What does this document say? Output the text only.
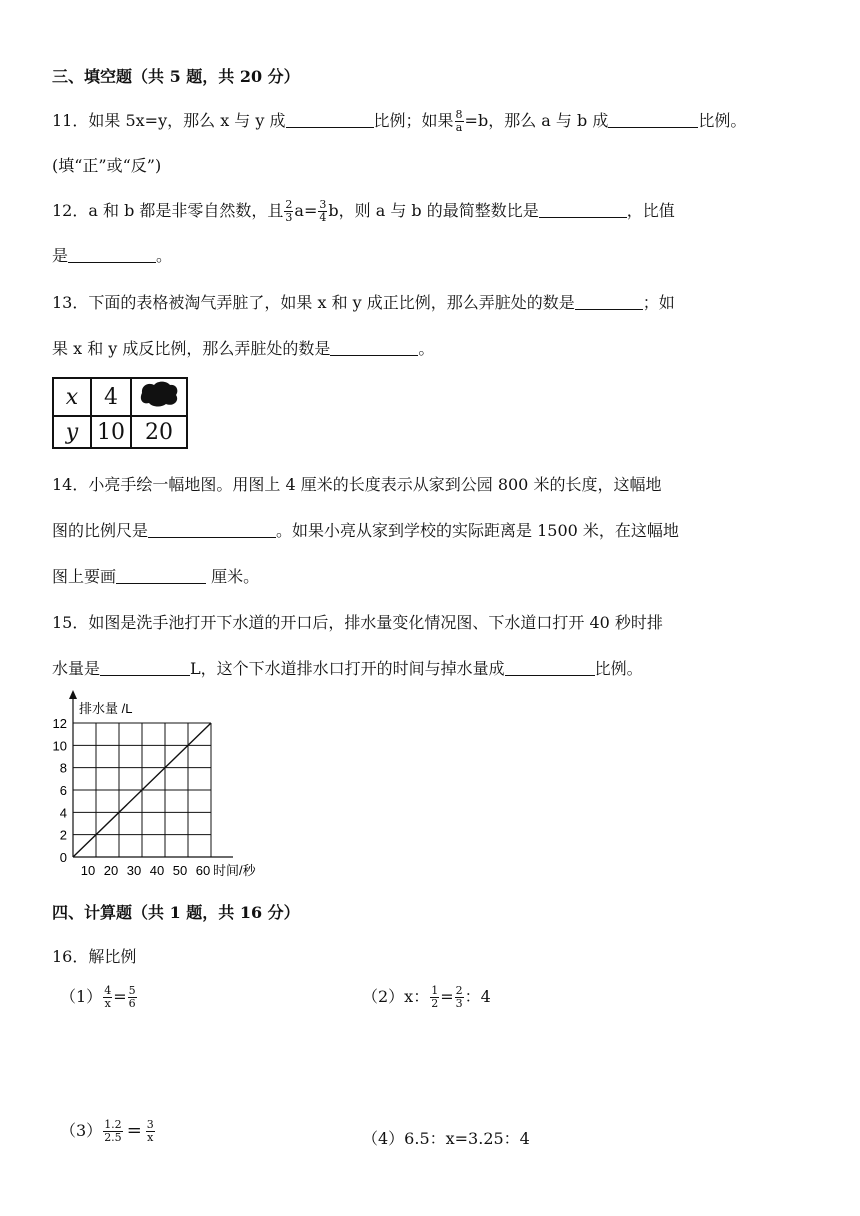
三、填空题（共 5 题，共 20 分）
11．如果 5x=y，那么 x 与 y 成	比例；如果 $\frac{8}{a} =b$，那么 a 与 b 成	比例。
(填“正”或“反”)
12．a 和 b 都是非零自然数，且 $\frac{2}{3} a= \frac{3}{4}$ b，则 a 与 b 的最简整数比是	，比值
是	。
13．下面的表格被淘气弄脏了，如果 x 和 y 成正比例，那么弄脏处的数是	；如
果 x 和 y 成反比例，那么弄脏处的数是	。
x	4	
y	10	20
14．小亮手绘一幅地图。用图上 4 厘米的长度表示从家到公园 800 米的长度，这幅地
图的比例尺是	。如果小亮从家到学校的实际距离是 1500 米，在这幅地
图上要画	厘米。
15．如图是洗手池打开下水道的开口后，排水量变化情况图、下水道口打开 40 秒时排
水量是	L，这个下水道排水口打开的时间与掉水量成	比例。
10 20 30 40 50 60
2
4
6
8
10
12
0
排水量 /L
时间/秒
四、计算题（共 1 题，共 16 分）
16．解比例
$(1) \frac{4}{x} = \frac{5}{6}$	（2）x： $\frac{1}{2} = \frac{2}{3}$ ：4
$(3) \frac{1.2}{2.5} = \frac{3}{x}$	（4）6.5：x=3.25：4
